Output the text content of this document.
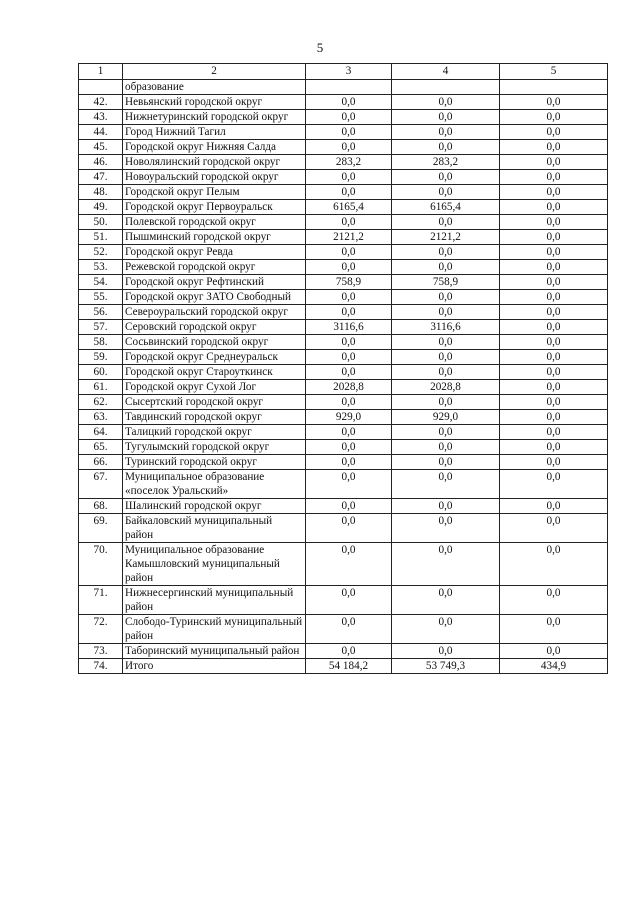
5
1	2	3	4	5
	образование			
42.	Невьянский городской округ	0,0	0,0	0,0
43.	Нижнетуринский городской округ	0,0	0,0	0,0
44.	Город Нижний Тагил	0,0	0,0	0,0
45.	Городской округ Нижняя Салда	0,0	0,0	0,0
46.	Новолялинский городской округ	283,2	283,2	0,0
47.	Новоуральский городской округ	0,0	0,0	0,0
48.	Городской округ Пелым	0,0	0,0	0,0
49.	Городской округ Первоуральск	6165,4	6165,4	0,0
50.	Полевской городской округ	0,0	0,0	0,0
51.	Пышминский городской округ	2121,2	2121,2	0,0
52.	Городской округ Ревда	0,0	0,0	0,0
53.	Режевской городской округ	0,0	0,0	0,0
54.	Городской округ Рефтинский	758,9	758,9	0,0
55.	Городской округ ЗАТО Свободный	0,0	0,0	0,0
56.	Североуральский городской округ	0,0	0,0	0,0
57.	Серовский городской округ	3116,6	3116,6	0,0
58.	Сосьвинский городской округ	0,0	0,0	0,0
59.	Городской округ Среднеуральск	0,0	0,0	0,0
60.	Городской округ Староуткинск	0,0	0,0	0,0
61.	Городской округ Сухой Лог	2028,8	2028,8	0,0
62.	Сысертский городской округ	0,0	0,0	0,0
63.	Тавдинский городской округ	929,0	929,0	0,0
64.	Талицкий городской округ	0,0	0,0	0,0
65.	Тугулымский городской округ	0,0	0,0	0,0
66.	Туринский городской округ	0,0	0,0	0,0
67.	Муниципальное образование «поселок Уральский»	0,0	0,0	0,0
68.	Шалинский городской округ	0,0	0,0	0,0
69.	Байкаловский муниципальный район	0,0	0,0	0,0
70.	Муниципальное образование Камышловский муниципальный район	0,0	0,0	0,0
71.	Нижнесергинский муниципальный район	0,0	0,0	0,0
72.	Слободо-Туринский муниципальный район	0,0	0,0	0,0
73.	Таборинский муниципальный район	0,0	0,0	0,0
74.	Итого	54 184,2	53 749,3	434,9
